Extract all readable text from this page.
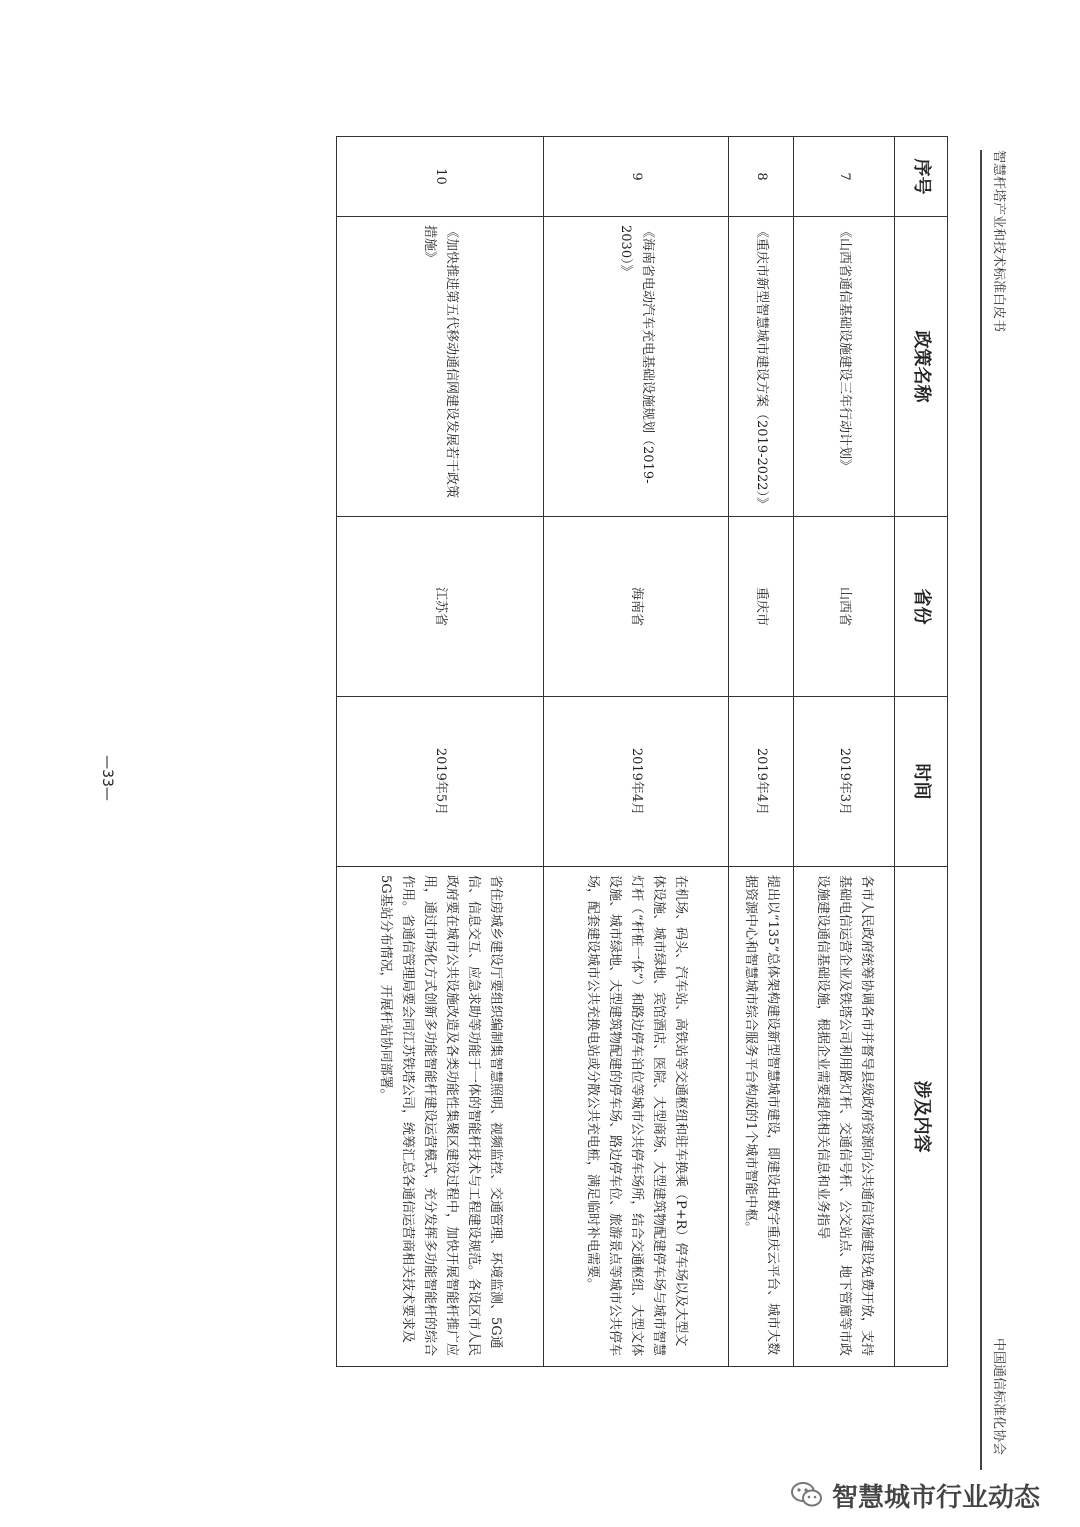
智慧杆塔产业和技术标准白皮书
中国通信标准化协会
序号	政策名称	省份	时间	涉及内容
7	《山西省通信基础设施建设三年行动计划》	山西省	2019年3月	各市人民政府统筹协调各市并督导县级政府资源向公共通信设施建设免费开放，支持基础电信运营企业及铁塔公司利用路灯杆、交通信号杆、公交站点、地下管廊等市政设施建设通信基础设施，根据企业需要提供相关信息和业务指导
8	《重庆市新型智慧城市建设方案（2019-2022）》	重庆市	2019年4月	提出以“135”总体架构建设新型智慧城市建设，即建设由数字重庆云平台、城市大数据资源中心和智慧城市综合服务平台构成的1个城市智能中枢。
9	《海南省电动汽车充电基础设施规划（2019-2030）》	海南省	2019年4月	在机场、码头、汽车站、高铁站等交通枢纽和驻车换乘（P+R）停车场以及大型文体设施、城市绿地、宾馆酒店、医院、大型商场、大型建筑物配建停车场与城市智慧灯杆（“杆桩一体”）和路边停车泊位等城市公共停车场所，结合交通枢纽、大型文体设施、城市绿地、大型建筑物配建的停车场、路边停车位、旅游景点等城市公共停车场，配套建设城市公共充换电站或分散公共充电桩，满足临时补电需要。
10	《加快推进第五代移动通信网建设发展若干政策措施》	江苏省	2019年5月	省住房城乡建设厅要组织编制集智慧照明、视频监控、交通管理、环境监测、5G通信、信息交互、应急求助等功能于一体的智能杆技术与工程建设规范。各设区市人民政府要在城市公共设施改造及各类功能性集聚区建设过程中，加快开展智能杆推广应用，通过市场化方式创新多功能智能杆建设运营模式，充分发挥多功能智能杆的综合作用。省通信管理局要会同江苏铁塔公司，统筹汇总各通信运营商相关技术要求及5G基站分布情况，开展杆站协同部署。
—33—
智慧城市行业动态
